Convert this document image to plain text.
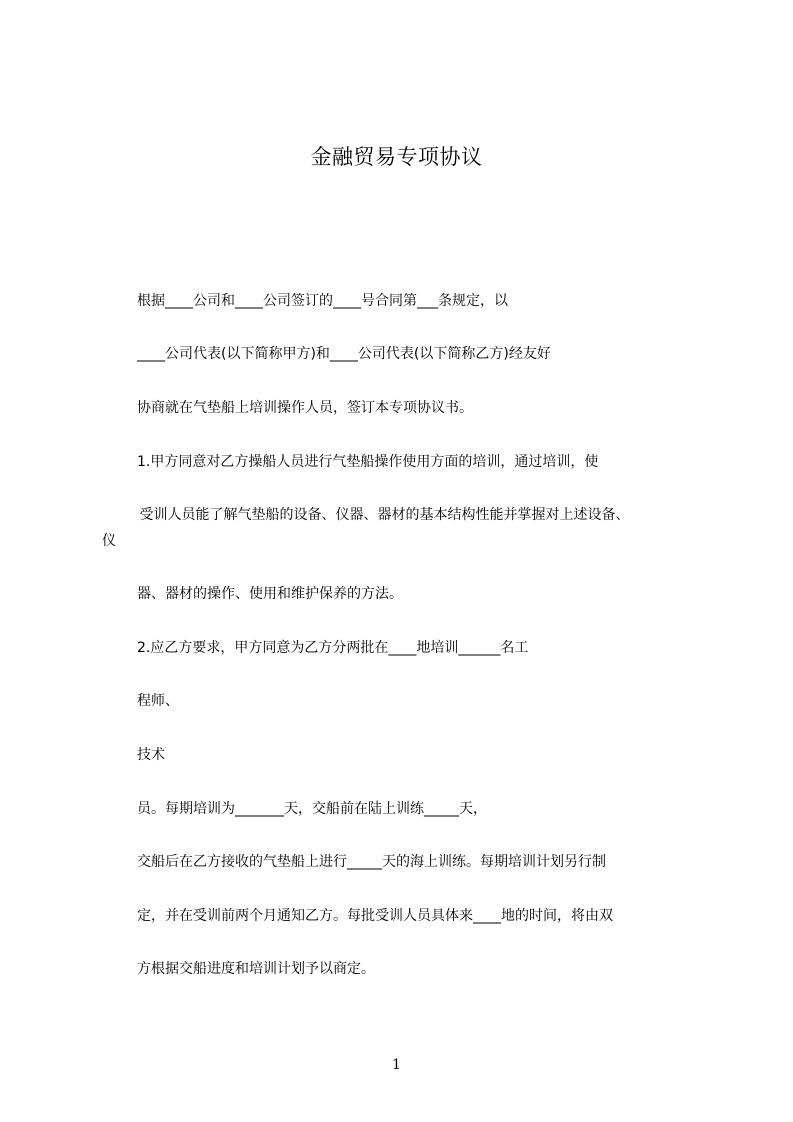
金融贸易专项协议

根据____公司和____公司签订的____号合同第___条规定，以

____公司代表(以下简称甲方)和____公司代表(以下简称乙方)经友好

协商就在气垫船上培训操作人员，签订本专项协议书。

1.甲方同意对乙方操船人员进行气垫船操作使用方面的培训，通过培训，使

受训人员能了解气垫船的设备、仪器、器材的基本结构性能并掌握对上述设备、

仪

器、器材的操作、使用和维护保养的方法。

2.应乙方要求，甲方同意为乙方分两批在____地培训______名工

程师、

技术

员。每期培训为_______天，交船前在陆上训练_____天，

交船后在乙方接收的气垫船上进行_____天的海上训练。每期培训计划另行制

定，并在受训前两个月通知乙方。每批受训人员具体来____地的时间，将由双

方根据交船进度和培训计划予以商定。

1
